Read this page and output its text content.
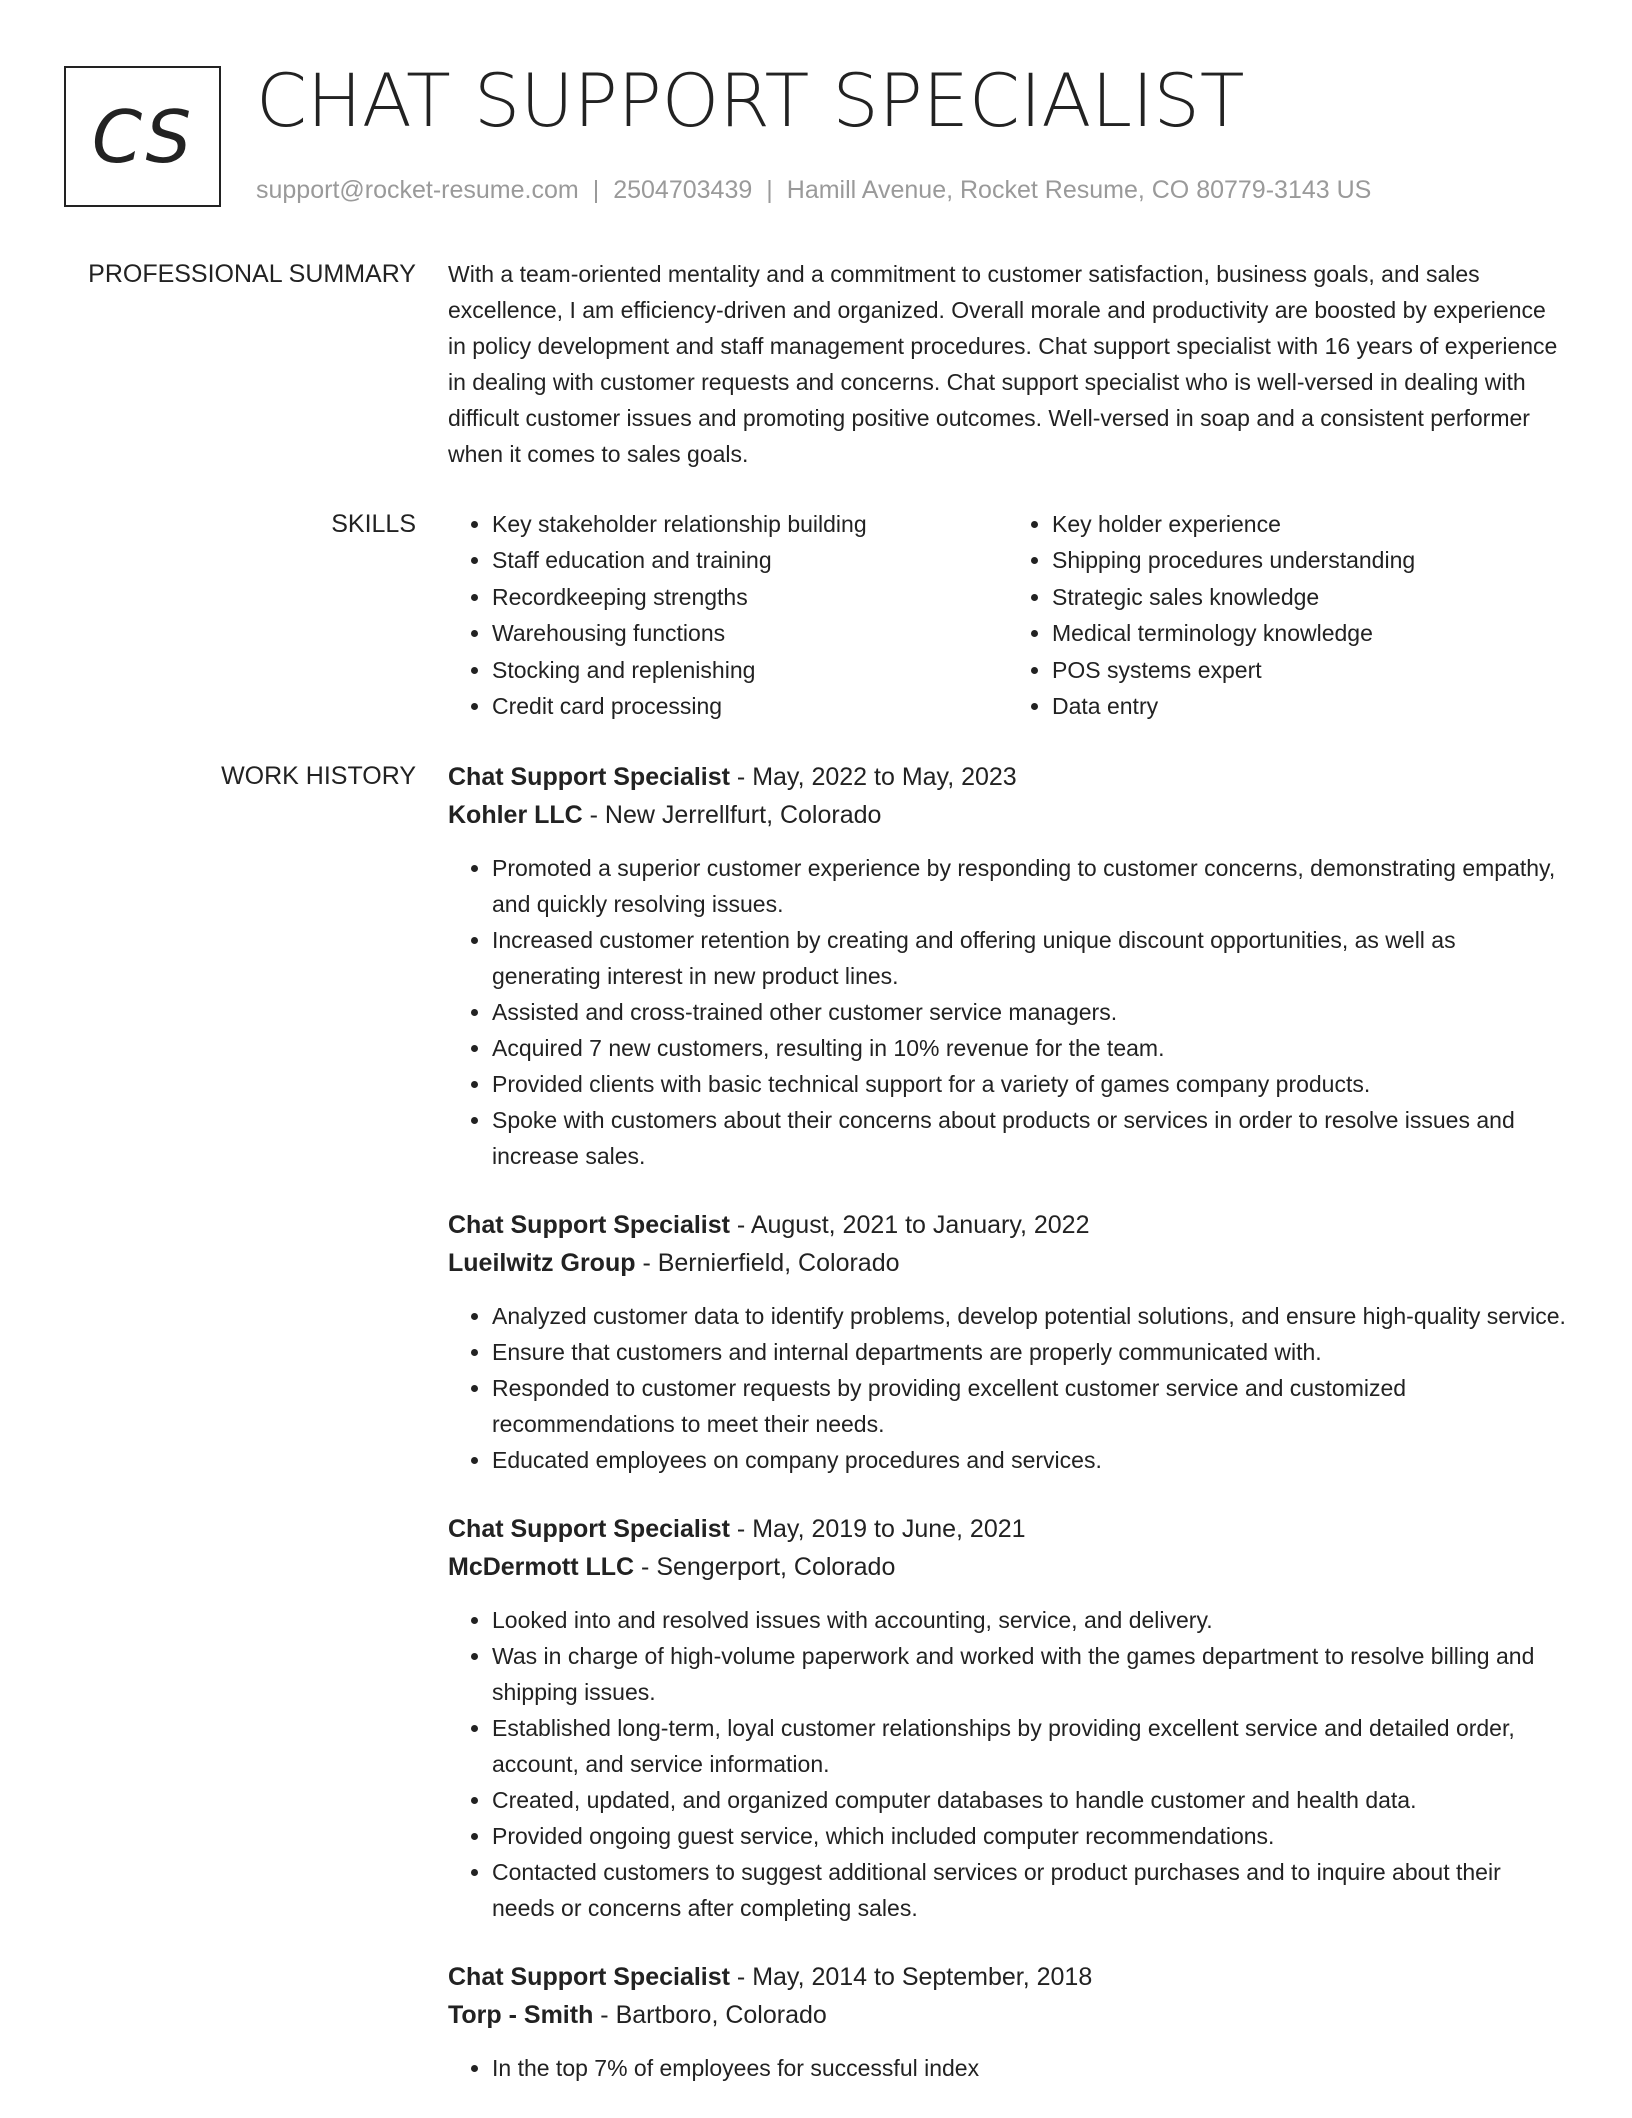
CS CHAT SUPPORT SPECIALIST
support@rocket-resume.com | 2504703439 | Hamill Avenue, Rocket Resume, CO 80779-3143 US
PROFESSIONAL SUMMARY With a team-oriented mentality and a commitment to customer satisfaction, business goals, and sales excellence, I am efficiency-driven and organized. Overall morale and productivity are boosted by experience in policy development and staff management procedures. Chat support specialist with 16 years of experience in dealing with customer requests and concerns. Chat support specialist who is well-versed in dealing with difficult customer issues and promoting positive outcomes. Well-versed in soap and a consistent performer when it comes to sales goals.

SKILLS
•	Key stakeholder relationship building
• Staff education and training
• Recordkeeping strengths
• Warehousing functions
• Stocking and replenishing
• Credit card processing
• Key holder experience
• Shipping procedures understanding
• Strategic sales knowledge
• Medical terminology knowledge
• POS systems expert
• Data entry
WORK HISTORY Chat Support Specialist - May, 2022 to May, 2023
Kohler LLC - New Jerrellfurt, Colorado
• Promoted a superior customer experience by responding to customer concerns, demonstrating empathy, and quickly resolving issues.
• Increased customer retention by creating and offering unique discount opportunities, as well as generating interest in new product lines.
• Assisted and cross-trained other customer service managers.
• Acquired 7 new customers, resulting in 10% revenue for the team.
• Provided clients with basic technical support for a variety of games company products.
• Spoke with customers about their concerns about products or services in order to resolve issues and increase sales.
Chat Support Specialist - August, 2021 to January, 2022
Lueilwitz Group - Bernierfield, Colorado
• Analyzed customer data to identify problems, develop potential solutions, and ensure high-quality service.
• Ensure that customers and internal departments are properly communicated with.
• Responded to customer requests by providing excellent customer service and customized recommendations to meet their needs.
• Educated employees on company procedures and services.
Chat Support Specialist - May, 2019 to June, 2021
McDermott LLC - Sengerport, Colorado
• Looked into and resolved issues with accounting, service, and delivery.
• Was in charge of high-volume paperwork and worked with the games department to resolve billing and shipping issues.
• Established long-term, loyal customer relationships by providing excellent service and detailed order, account, and service information.
• Created, updated, and organized computer databases to handle customer and health data.
• Provided ongoing guest service, which included computer recommendations.
• Contacted customers to suggest additional services or product purchases and to inquire about their needs or concerns after completing sales.
Chat Support Specialist - May, 2014 to September, 2018
Torp - Smith - Bartboro, Colorado
• In the top 7% of employees for successful index
